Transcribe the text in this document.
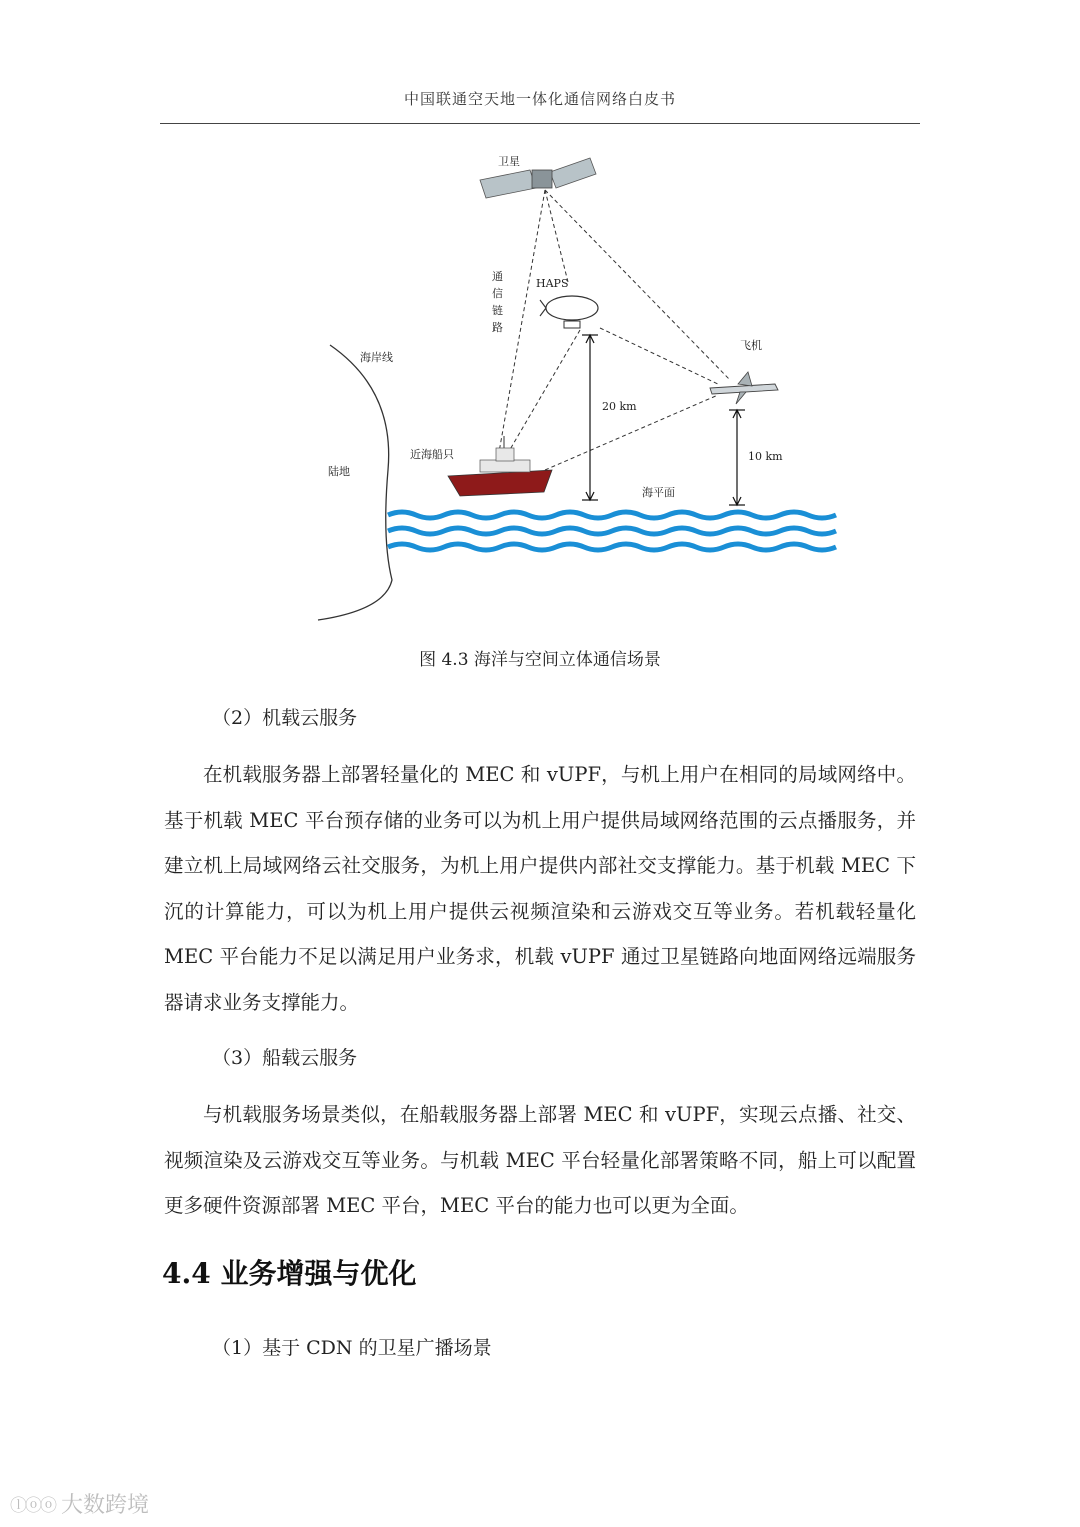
中国联通空天地一体化通信网络白皮书
卫星
通
信
链
路
HAPS
海岸线
陆地
飞机
近海船只
20 km
10 km
海平面
图 4.3 海洋与空间立体通信场景
（2）机载云服务
在机载服务器上部署轻量化的 MEC 和 vUPF，与机上用户在相同的局域网络中。基于机载 MEC 平台预存储的业务可以为机上用户提供局域网络范围的云点播服务，并建立机上局域网络云社交服务，为机上用户提供内部社交支撑能力。基于机载 MEC 下沉的计算能力，可以为机上用户提供云视频渲染和云游戏交互等业务。若机载轻量化 MEC 平台能力不足以满足用户业务求，机载 vUPF 通过卫星链路向地面网络远端服务器请求业务支撑能力。
（3）船载云服务
与机载服务场景类似，在船载服务器上部署 MEC 和 vUPF，实现云点播、社交、视频渲染及云游戏交互等业务。与机载 MEC 平台轻量化部署策略不同，船上可以配置更多硬件资源部署 MEC 平台，MEC 平台的能力也可以更为全面。
4.4 业务增强与优化
（1）基于 CDN 的卫星广播场景
ⓛⓞⓞ 大数跨境
